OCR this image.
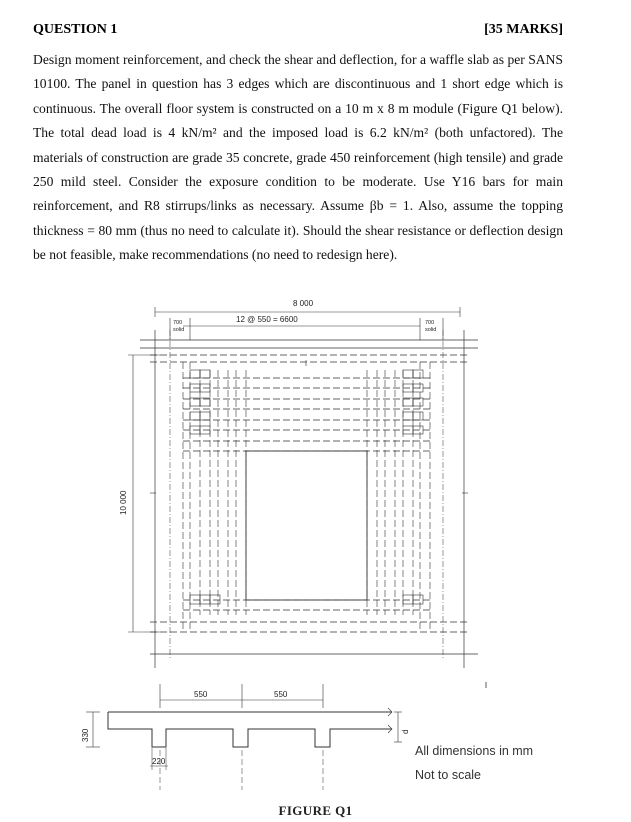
QUESTION 1	[35 MARKS]

Design moment reinforcement, and check the shear and deflection, for a waffle slab as per SANS 10100. The panel in question has 3 edges which are discontinuous and 1 short edge which is continuous. The overall floor system is constructed on a 10 m x 8 m module (Figure Q1 below). The total dead load is 4 kN/m² and the imposed load is 6.2 kN/m² (both unfactored). The materials of construction are grade 35 concrete, grade 450 reinforcement (high tensile) and grade 250 mild steel. Consider the exposure condition to be moderate. Use Y16 bars for main reinforcement, and R8 stirrups/links as necessary. Assume βb = 1. Also, assume the topping thickness = 80 mm (thus no need to calculate it). Should the shear resistance or deflection design be not feasible, make recommendations (no need to redesign here).

8 000
12 @ 550 = 6600
700
solid
700
solid
10 000
550	550
220
330	d
All dimensions in mm
Not to scale
FIGURE Q1
